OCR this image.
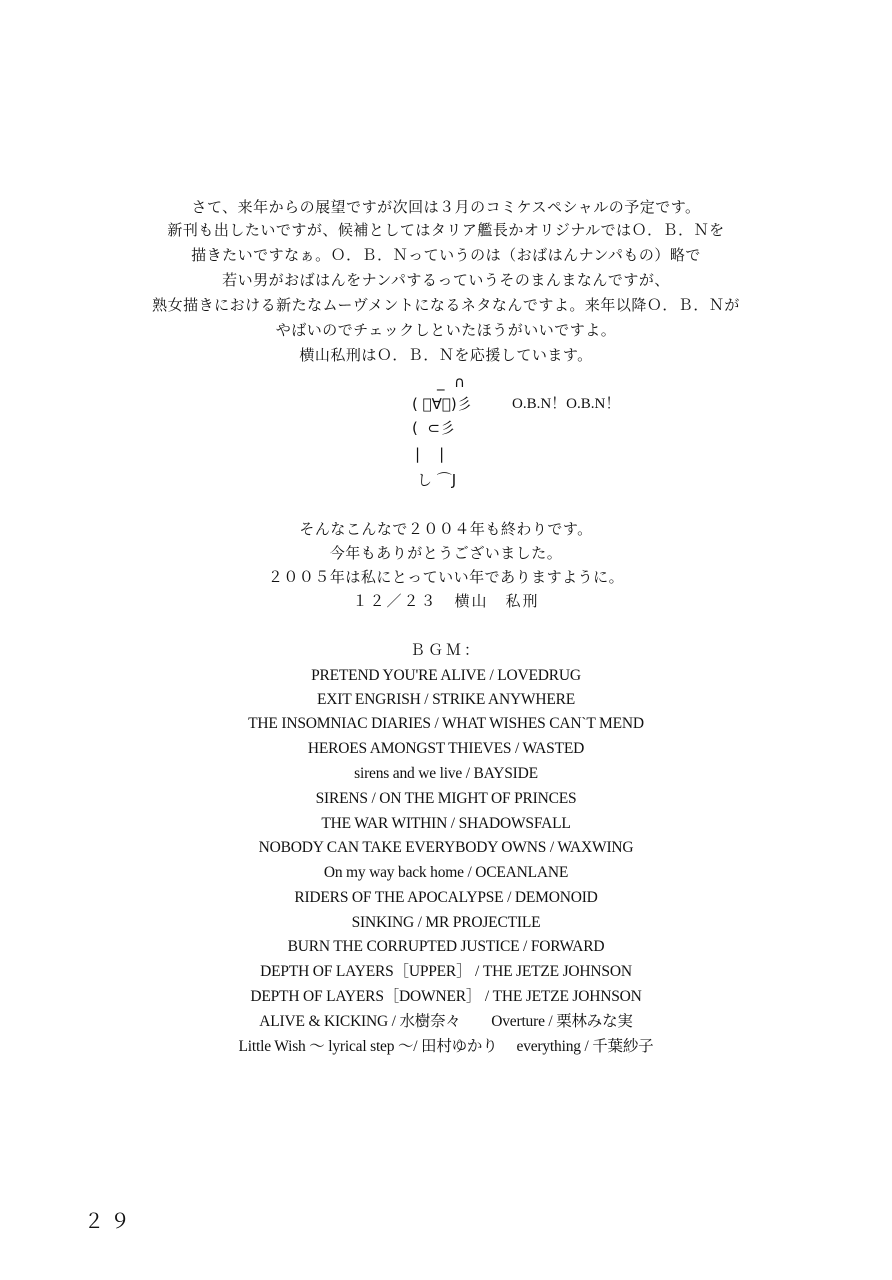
さて、来年からの展望ですが次回は３月のコミケスペシャルの予定です。
新刊も出したいですが、候補としてはタリア艦長かオリジナルではＯ．Ｂ．Ｎを
描きたいですなぁ。Ｏ．Ｂ．Ｎっていうのは（おばはんナンパもの）略で
若い男がおばはんをナンパするっていうそのまんまなんですが、
熟女描きにおける新たなムーヴメントになるネタなんですよ。来年以降Ｏ．Ｂ．Ｎが
やばいのでチェックしといたほうがいいですよ。
横山私刑はＯ．Ｂ．Ｎを応援しています。
_  ∩
( ﾟ∀ﾟ)彡	O.B.N！O.B.N！
(  ⊂彡
|    |
し ⌒J
そんなこんなで２００４年も終わりです。
今年もありがとうございました。
２００５年は私にとっていい年でありますように。
１２／２３　横山　私刑
ＢＧＭ：
PRETEND YOU'RE ALIVE / LOVEDRUG
EXIT ENGRISH / STRIKE ANYWHERE
THE INSOMNIAC DIARIES / WHAT WISHES CAN`T MEND
HEROES AMONGST THIEVES / WASTED
sirens and we live / BAYSIDE
SIRENS / ON THE MIGHT OF PRINCES
THE WAR WITHIN / SHADOWSFALL
NOBODY CAN TAKE EVERYBODY OWNS / WAXWING
On my way back home / OCEANLANE
RIDERS OF THE APOCALYPSE / DEMONOID
SINKING / MR PROJECTILE
BURN THE CORRUPTED JUSTICE / FORWARD
DEPTH OF LAYERS［UPPER］ / THE JETZE JOHNSON
DEPTH OF LAYERS［DOWNER］ / THE JETZE JOHNSON
ALIVE & KICKING / 水樹奈々　　Overture / 栗林みな実
Little Wish ～ lyrical step ～/ 田村ゆかり　 everything / 千葉紗子
２９
